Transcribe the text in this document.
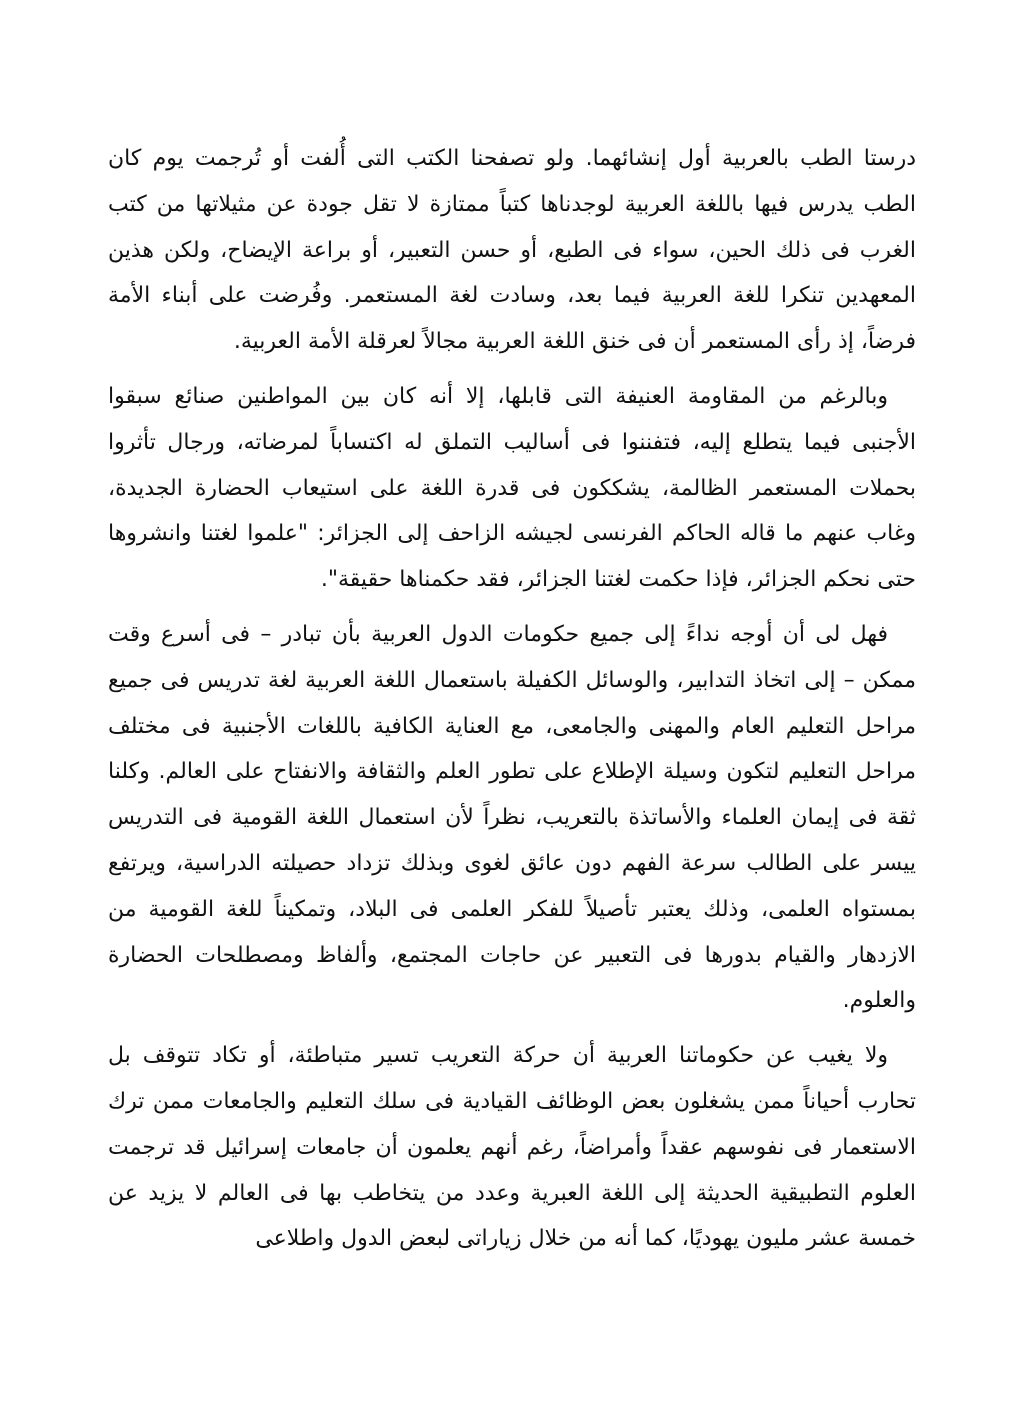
درستا الطب بالعربية أول إنشائهما. ولو تصفحنا الكتب التى أُلفت أو تُرجمت يوم كان الطب يدرس فيها باللغة العربية لوجدناها كتباً ممتازة لا تقل جودة عن مثيلاتها من كتب الغرب فى ذلك الحين، سواء فى الطبع، أو حسن التعبير، أو براعة الإيضاح، ولكن هذين المعهدين تنكرا للغة العربية فيما بعد، وسادت لغة المستعمر. وفُرضت على أبناء الأمة فرضاً، إذ رأى المستعمر أن فى خنق اللغة العربية مجالاً لعرقلة الأمة العربية.

وبالرغم من المقاومة العنيفة التى قابلها، إلا أنه كان بين المواطنين صنائع سبقوا الأجنبى فيما يتطلع إليه، فتفننوا فى أساليب التملق له اكتساباً لمرضاته، ورجال تأثروا بحملات المستعمر الظالمة، يشككون فى قدرة اللغة على استيعاب الحضارة الجديدة، وغاب عنهم ما قاله الحاكم الفرنسى لجيشه الزاحف إلى الجزائر: "علموا لغتنا وانشروها حتى نحكم الجزائر، فإذا حكمت لغتنا الجزائر، فقد حكمناها حقيقة".

فهل لى أن أوجه نداءً إلى جميع حكومات الدول العربية بأن تبادر – فى أسرع وقت ممكن – إلى اتخاذ التدابير، والوسائل الكفيلة باستعمال اللغة العربية لغة تدريس فى جميع مراحل التعليم العام والمهنى والجامعى، مع العناية الكافية باللغات الأجنبية فى مختلف مراحل التعليم لتكون وسيلة الإطلاع على تطور العلم والثقافة والانفتاح على العالم. وكلنا ثقة فى إيمان العلماء والأساتذة بالتعريب، نظراً لأن استعمال اللغة القومية فى التدريس ييسر على الطالب سرعة الفهم دون عائق لغوى وبذلك تزداد حصيلته الدراسية، ويرتفع بمستواه العلمى، وذلك يعتبر تأصيلاً للفكر العلمى فى البلاد، وتمكيناً للغة القومية من الازدهار والقيام بدورها فى التعبير عن حاجات المجتمع، وألفاظ ومصطلحات الحضارة والعلوم.

ولا يغيب عن حكوماتنا العربية أن حركة التعريب تسير متباطئة، أو تكاد تتوقف بل تحارب أحياناً ممن يشغلون بعض الوظائف القيادية فى سلك التعليم والجامعات ممن ترك الاستعمار فى نفوسهم عقداً وأمراضاً، رغم أنهم يعلمون أن جامعات إسرائيل قد ترجمت العلوم التطبيقية الحديثة إلى اللغة العبرية وعدد من يتخاطب بها فى العالم لا يزيد عن خمسة عشر مليون يهوديًا، كما أنه من خلال زياراتى لبعض الدول واطلاعى
